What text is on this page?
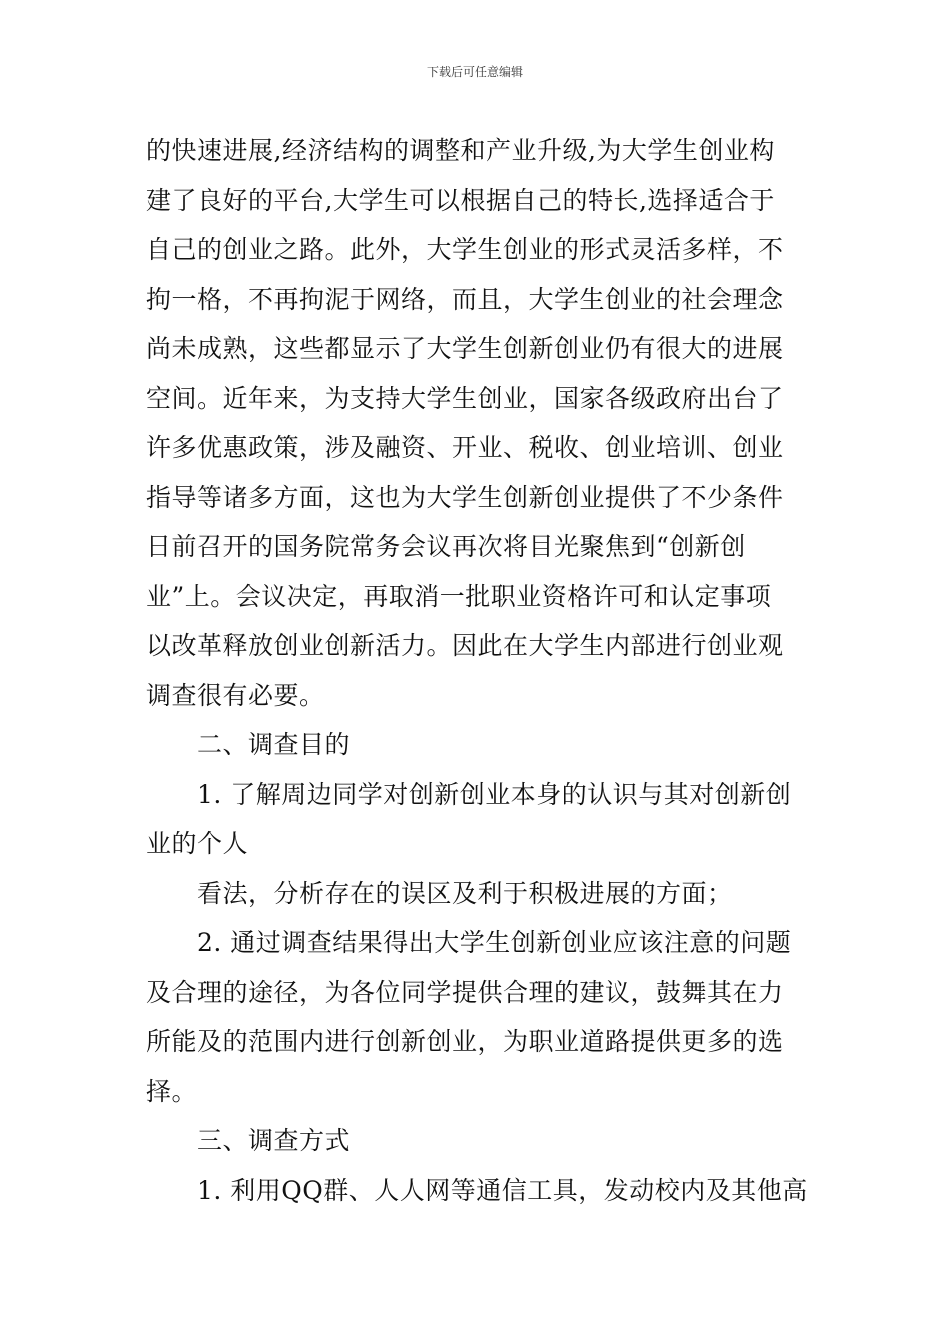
下载后可任意编辑
的快速进展,经济结构的调整和产业升级,为大学生创业构
建了良好的平台,大学生可以根据自己的特长,选择适合于
自己的创业之路。此外，大学生创业的形式灵活多样，不
拘一格，不再拘泥于网络，而且，大学生创业的社会理念
尚未成熟，这些都显示了大学生创新创业仍有很大的进展
空间。近年来，为支持大学生创业，国家各级政府出台了
许多优惠政策，涉及融资、开业、税收、创业培训、创业
指导等诸多方面，这也为大学生创新创业提供了不少条件
日前召开的国务院常务会议再次将目光聚焦到“创新创
业”上。会议决定，再取消一批职业资格许可和认定事项
以改革释放创业创新活力。因此在大学生内部进行创业观
调查很有必要。
二、调查目的
1. 了解周边同学对创新创业本身的认识与其对创新创
业的个人
看法，分析存在的误区及利于积极进展的方面；
2. 通过调查结果得出大学生创新创业应该注意的问题
及合理的途径，为各位同学提供合理的建议，鼓舞其在力
所能及的范围内进行创新创业，为职业道路提供更多的选
择。
三、调查方式
1. 利用QQ群、人人网等通信工具，发动校内及其他高
